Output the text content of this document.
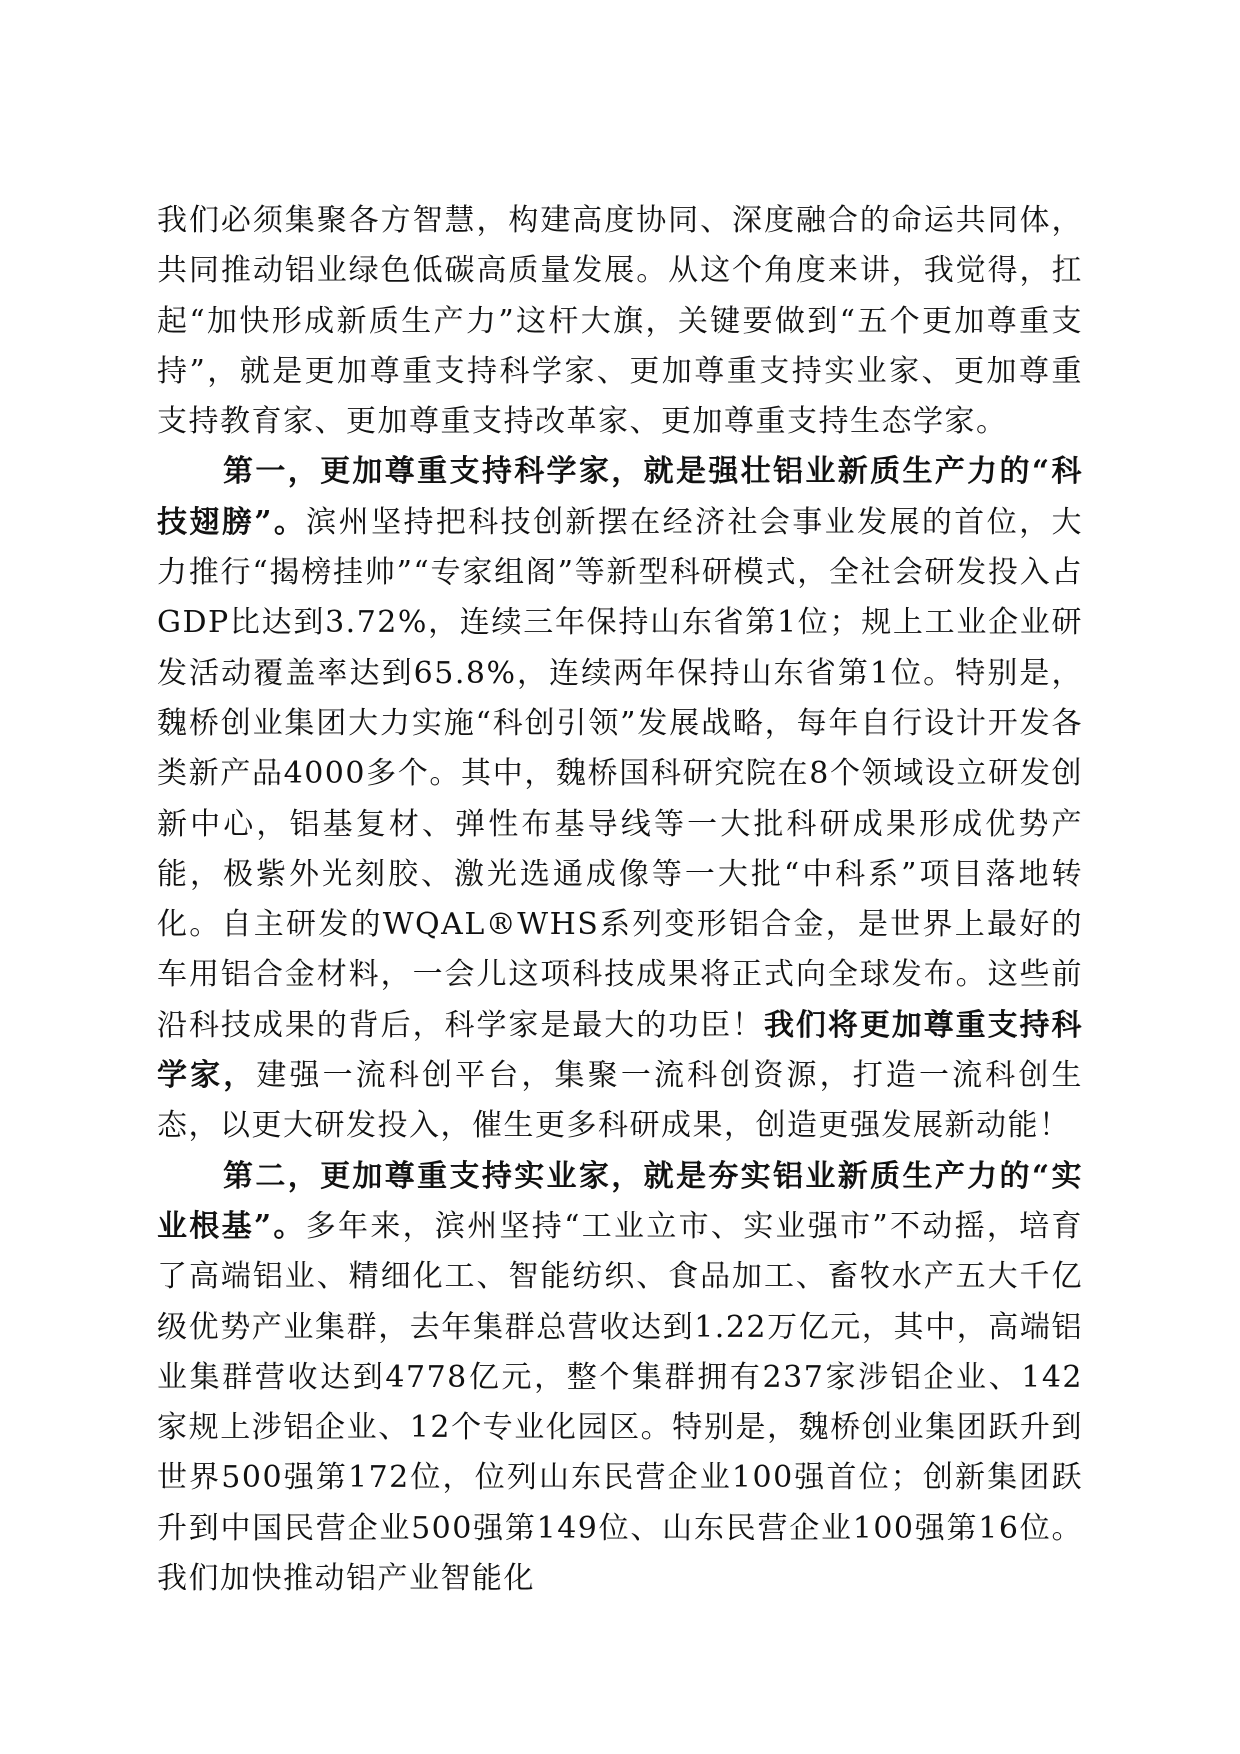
我们必须集聚各方智慧，构建高度协同、深度融合的命运共同体，共同推动铝业绿色低碳高质量发展。从这个角度来讲，我觉得，扛起“加快形成新质生产力”这杆大旗，关键要做到“五个更加尊重支持”，就是更加尊重支持科学家、更加尊重支持实业家、更加尊重支持教育家、更加尊重支持改革家、更加尊重支持生态学家。

第一，更加尊重支持科学家，就是强壮铝业新质生产力的“科技翅膀”。滨州坚持把科技创新摆在经济社会事业发展的首位，大力推行“揭榜挂帅”“专家组阁”等新型科研模式，全社会研发投入占GDP比达到3.72%，连续三年保持山东省第1位；规上工业企业研发活动覆盖率达到65.8%，连续两年保持山东省第1位。特别是，魏桥创业集团大力实施“科创引领”发展战略，每年自行设计开发各类新产品4000多个。其中，魏桥国科研究院在8个领域设立研发创新中心，铝基复材、弹性布基导线等一大批科研成果形成优势产能，极紫外光刻胶、激光选通成像等一大批“中科系”项目落地转化。自主研发的WQAL®WHS系列变形铝合金，是世界上最好的车用铝合金材料，一会儿这项科技成果将正式向全球发布。这些前沿科技成果的背后，科学家是最大的功臣！我们将更加尊重支持科学家，建强一流科创平台，集聚一流科创资源，打造一流科创生态，以更大研发投入，催生更多科研成果，创造更强发展新动能！

第二，更加尊重支持实业家，就是夯实铝业新质生产力的“实业根基”。多年来，滨州坚持“工业立市、实业强市”不动摇，培育了高端铝业、精细化工、智能纺织、食品加工、畜牧水产五大千亿级优势产业集群，去年集群总营收达到1.22万亿元，其中，高端铝业集群营收达到4778亿元，整个集群拥有237家涉铝企业、142家规上涉铝企业、12个专业化园区。特别是，魏桥创业集团跃升到世界500强第172位，位列山东民营企业100强首位；创新集团跃升到中国民营企业500强第149位、山东民营企业100强第16位。我们加快推动铝产业智能化
